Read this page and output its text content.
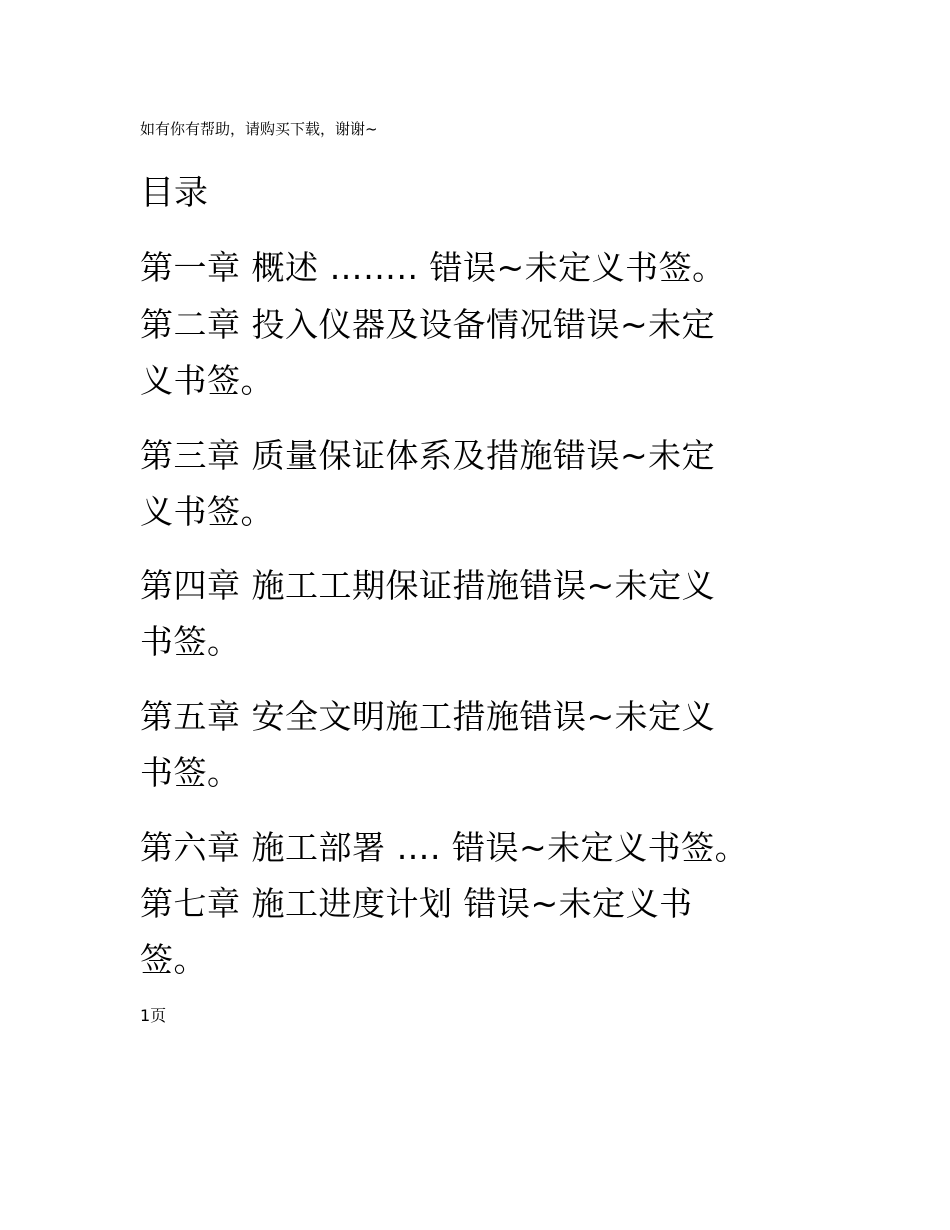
如有你有帮助，请购买下载，谢谢~
目录
第一章 概述 …….. 错误~未定义书签。
第二章 投入仪器及设备情况错误~未定
义书签。
第三章 质量保证体系及措施错误~未定
义书签。
第四章 施工工期保证措施错误~未定义
书签。
第五章 安全文明施工措施错误~未定义
书签。
第六章 施工部署 …. 错误~未定义书签。
第七章 施工进度计划 错误~未定义书
签。
1页
